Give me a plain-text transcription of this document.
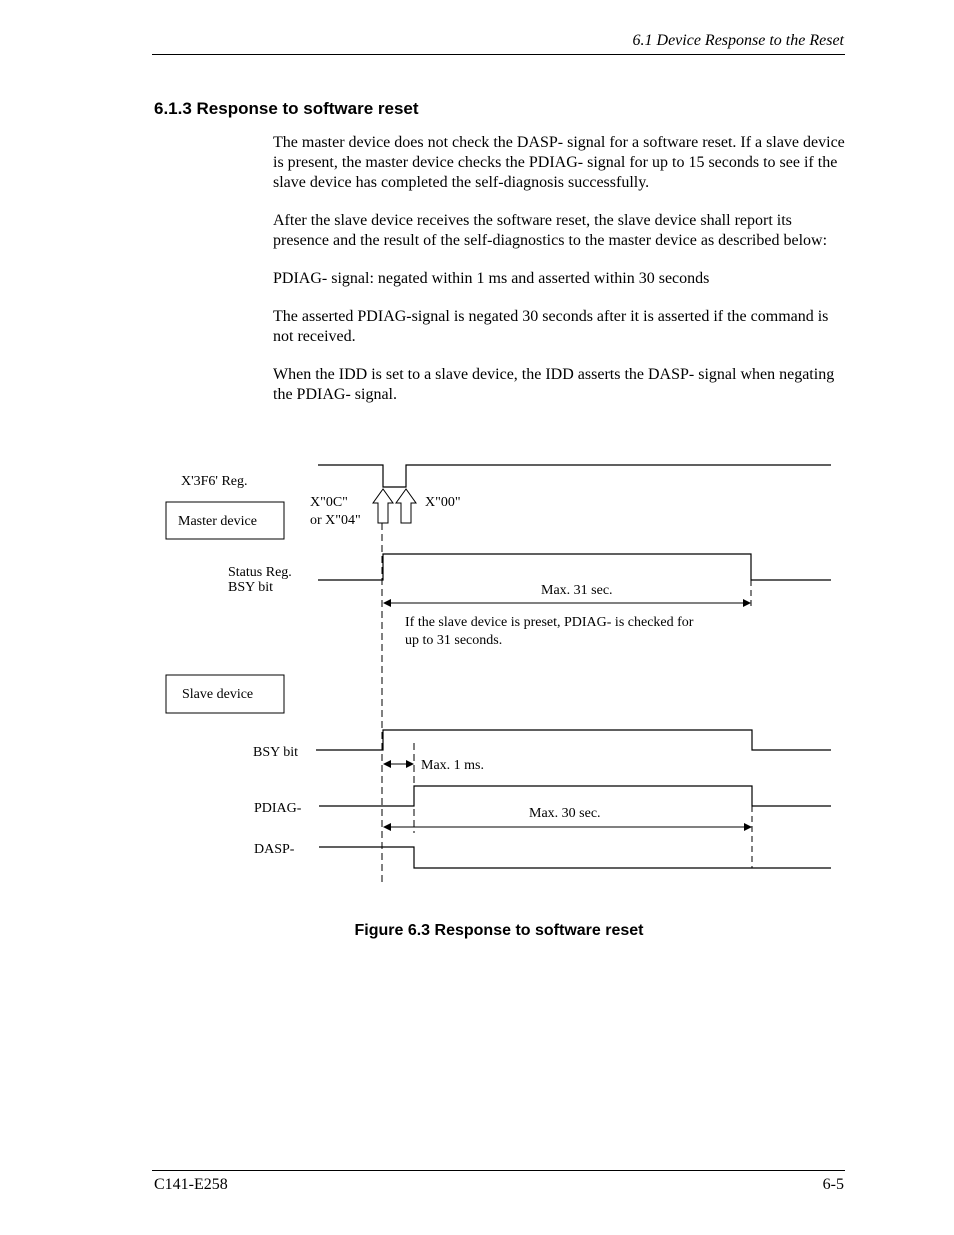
6.1 Device Response to the Reset
6.1.3 Response to software reset

The master device does not check the DASP- signal for a software reset. If a slave device is present, the master device checks the PDIAG- signal for up to 15 seconds to see if the slave device has completed the self-diagnosis successfully.

After the slave device receives the software reset, the slave device shall report its presence and the result of the self-diagnostics to the master device as described below:

PDIAG- signal: negated within 1 ms and asserted within 30 seconds

The asserted PDIAG-signal is negated 30 seconds after it is asserted if the command is not received.

When the IDD is set to a slave device, the IDD asserts the DASP- signal when negating the PDIAG- signal.

X'3F6' Reg.
X"0C"
or X"04"
X"00"
Master device
Status Reg.
BSY bit	Max. 31 sec.
If the slave device is preset, PDIAG- is checked for
up to 31 seconds.
Slave device
BSY bit
Max. 1 ms.
PDIAG-	Max. 30 sec.
DASP-
Figure 6.3 Response to software reset
C141-E258	6-5
